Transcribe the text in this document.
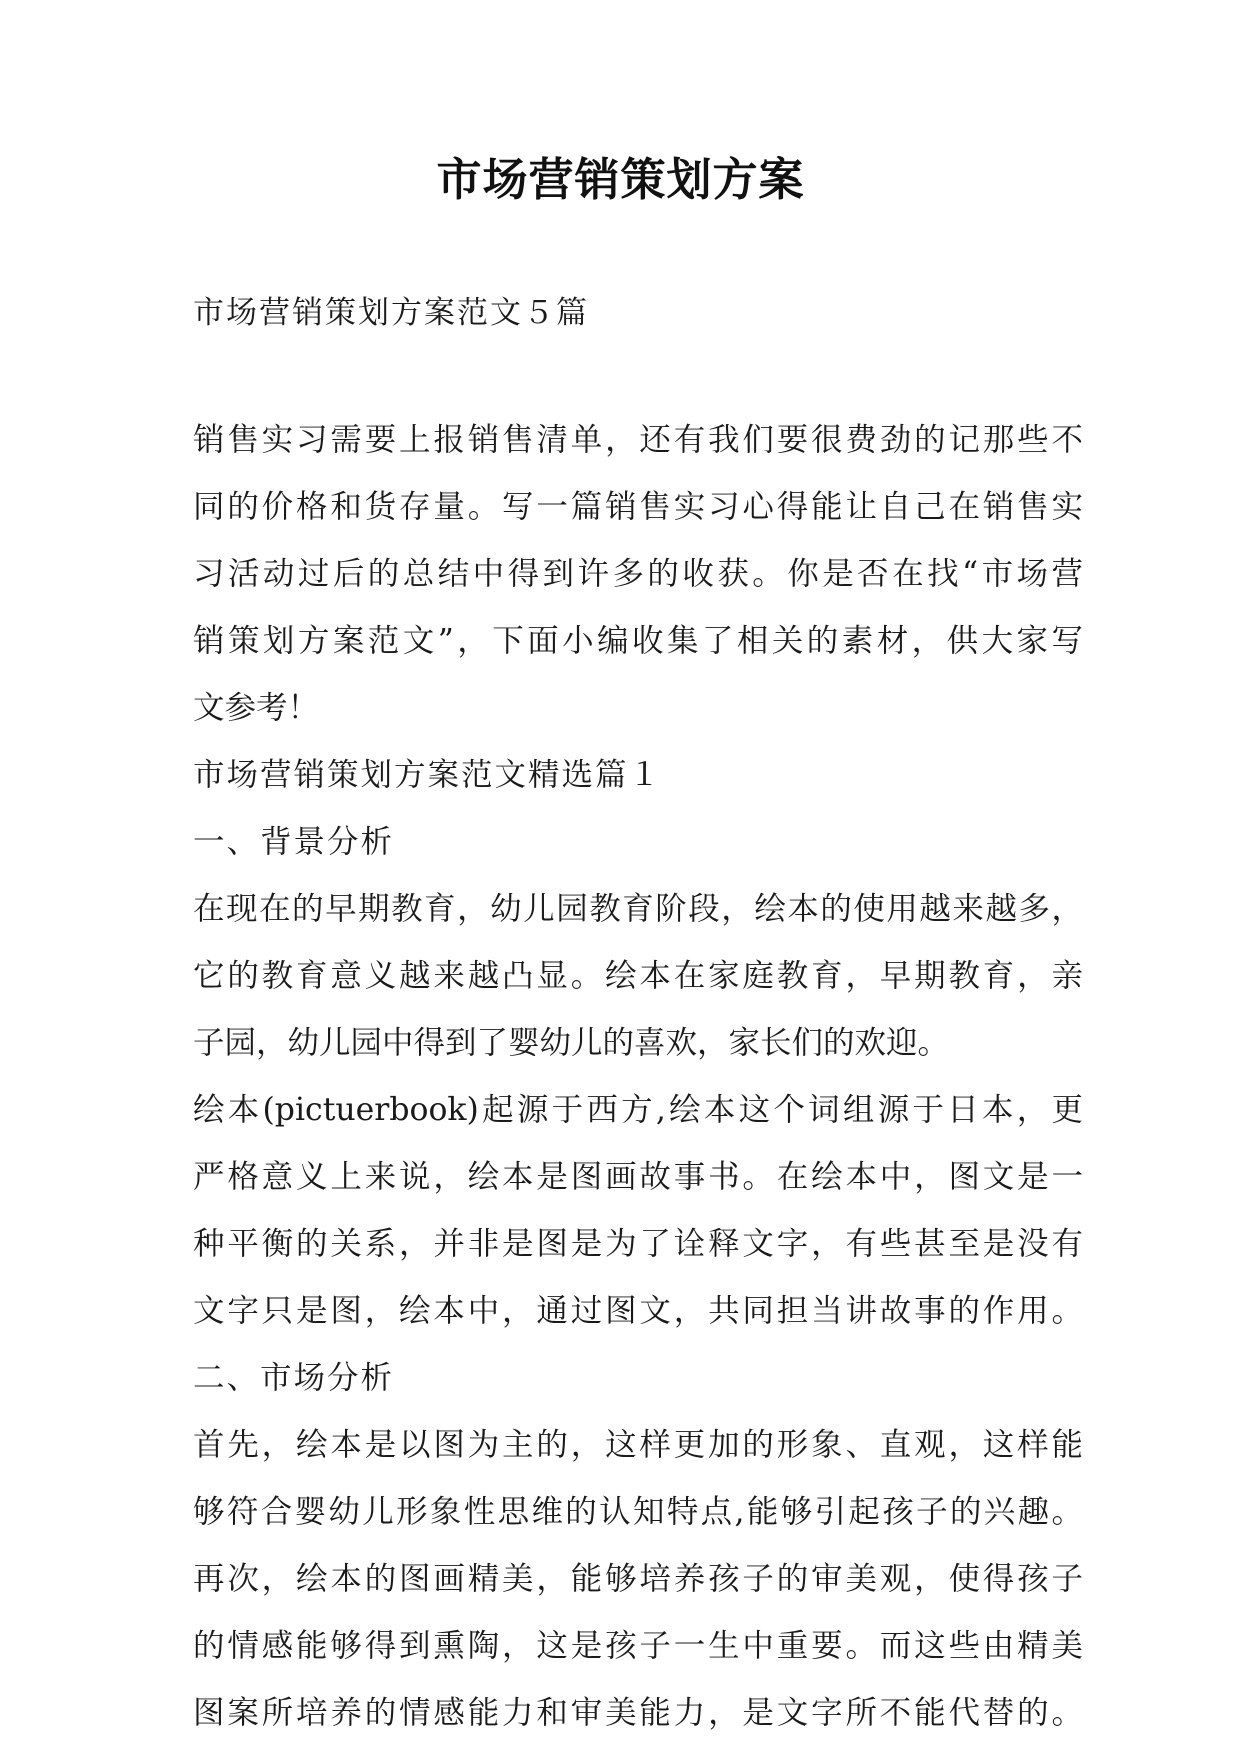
市场营销策划方案
市场营销策划方案范文５篇
销售实习需要上报销售清单，还有我们要很费劲的记那些不
同的价格和货存量。写一篇销售实习心得能让自己在销售实
习活动过后的总结中得到许多的收获。你是否在找“市场营
销策划方案范文”，下面小编收集了相关的素材，供大家写
文参考！
市场营销策划方案范文精选篇１
一、背景分析
在现在的早期教育，幼儿园教育阶段，绘本的使用越来越多，
它的教育意义越来越凸显。绘本在家庭教育，早期教育，亲
子园，幼儿园中得到了婴幼儿的喜欢，家长们的欢迎。
绘本(pictuerbook)起源于西方,绘本这个词组源于日本，更
严格意义上来说，绘本是图画故事书。在绘本中，图文是一
种平衡的关系，并非是图是为了诠释文字，有些甚至是没有
文字只是图，绘本中，通过图文，共同担当讲故事的作用。
二、市场分析
首先，绘本是以图为主的，这样更加的形象、直观，这样能
够符合婴幼儿形象性思维的认知特点,能够引起孩子的兴趣。
再次，绘本的图画精美，能够培养孩子的审美观，使得孩子
的情感能够得到熏陶，这是孩子一生中重要。而这些由精美
图案所培养的情感能力和审美能力，是文字所不能代替的。
